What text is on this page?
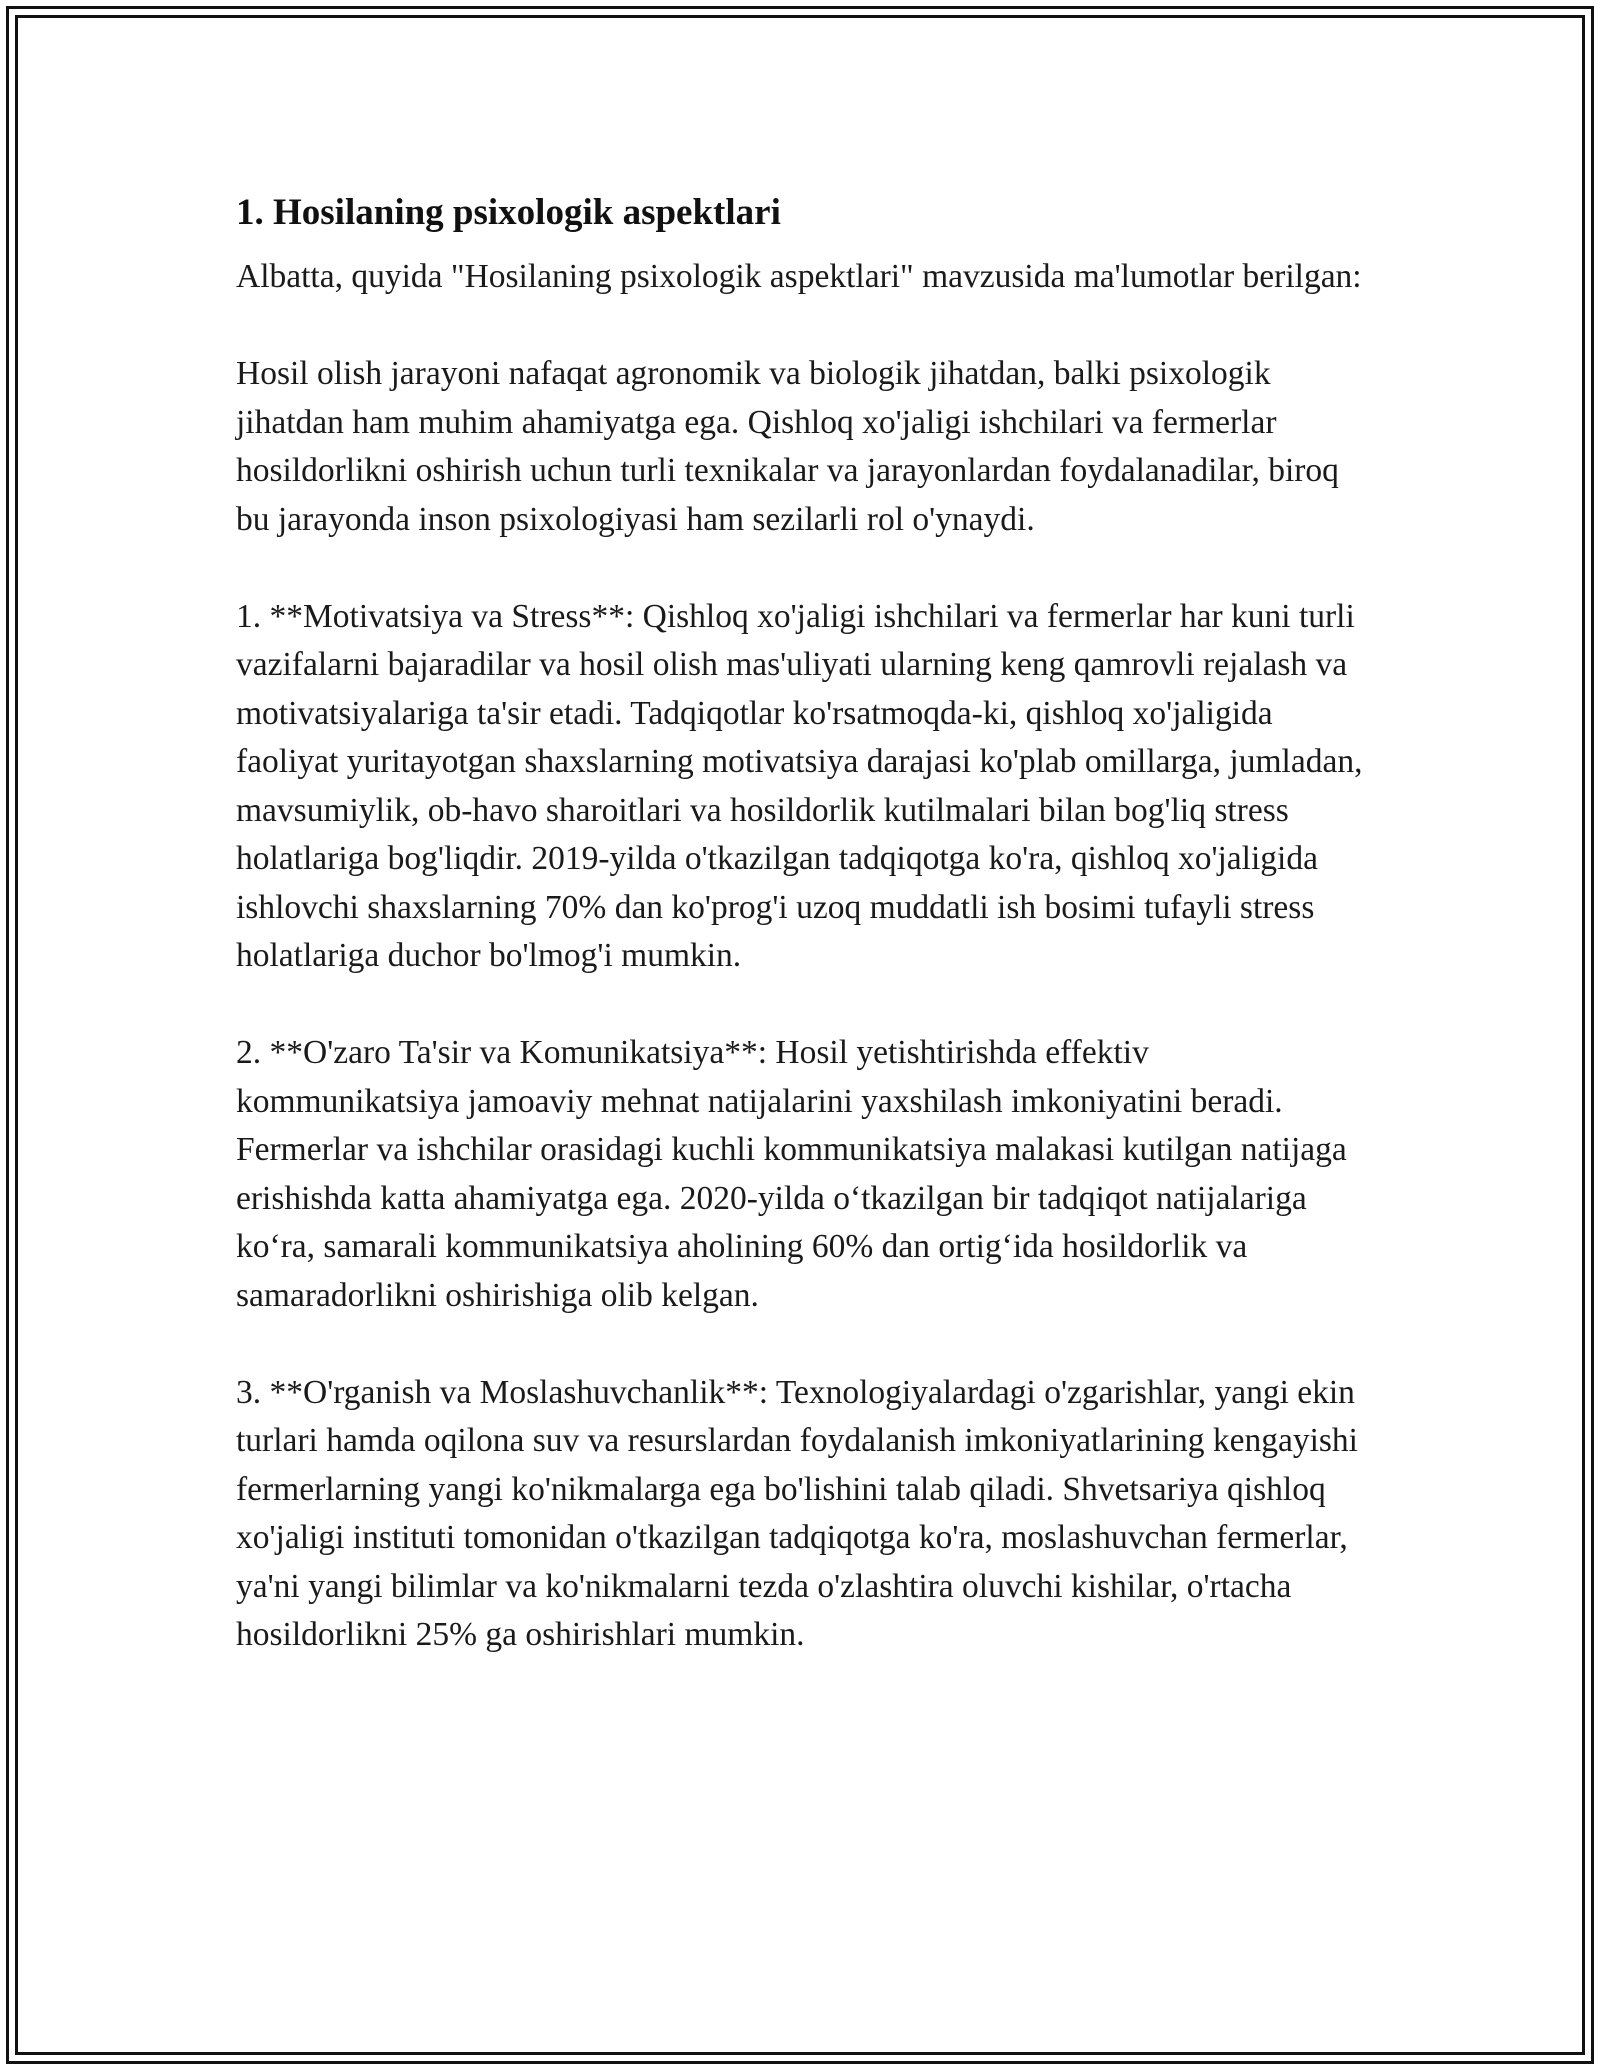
1. Hosilaning psixologik aspektlari

Albatta, quyida "Hosilaning psixologik aspektlari" mavzusida ma'lumotlar berilgan:

Hosil olish jarayoni nafaqat agronomik va biologik jihatdan, balki psixologik jihatdan ham muhim ahamiyatga ega. Qishloq xo'jaligi ishchilari va fermerlar hosildorlikni oshirish uchun turli texnikalar va jarayonlardan foydalanadilar, biroq bu jarayonda inson psixologiyasi ham sezilarli rol o'ynaydi.

1. **Motivatsiya va Stress**: Qishloq xo'jaligi ishchilari va fermerlar har kuni turli vazifalarni bajaradilar va hosil olish mas'uliyati ularning keng qamrovli rejalash va motivatsiyalariga ta'sir etadi. Tadqiqotlar ko'rsatmoqda-ki, qishloq xo'jaligida faoliyat yuritayotgan shaxslarning motivatsiya darajasi ko'plab omillarga, jumladan, mavsumiylik, ob-havo sharoitlari va hosildorlik kutilmalari bilan bog'liq stress holatlariga bog'liqdir. 2019-yilda o'tkazilgan tadqiqotga ko'ra, qishloq xo'jaligida ishlovchi shaxslarning 70% dan ko'prog'i uzoq muddatli ish bosimi tufayli stress holatlariga duchor bo'lmog'i mumkin.

2. **O'zaro Ta'sir va Komunikatsiya**: Hosil yetishtirishda effektiv kommunikatsiya jamoaviy mehnat natijalarini yaxshilash imkoniyatini beradi. Fermerlar va ishchilar orasidagi kuchli kommunikatsiya malakasi kutilgan natijaga erishishda katta ahamiyatga ega. 2020-yilda o‘tkazilgan bir tadqiqot natijalariga ko‘ra, samarali kommunikatsiya aholining 60% dan ortig‘ida hosildorlik va samaradorlikni oshirishiga olib kelgan.

3. **O'rganish va Moslashuvchanlik**: Texnologiyalardagi o'zgarishlar, yangi ekin turlari hamda oqilona suv va resurslardan foydalanish imkoniyatlarining kengayishi fermerlarning yangi ko'nikmalarga ega bo'lishini talab qiladi. Shvetsariya qishloq xo'jaligi instituti tomonidan o'tkazilgan tadqiqotga ko'ra, moslashuvchan fermerlar, ya'ni yangi bilimlar va ko'nikmalarni tezda o'zlashtira oluvchi kishilar, o'rtacha hosildorlikni 25% ga oshirishlari mumkin.
